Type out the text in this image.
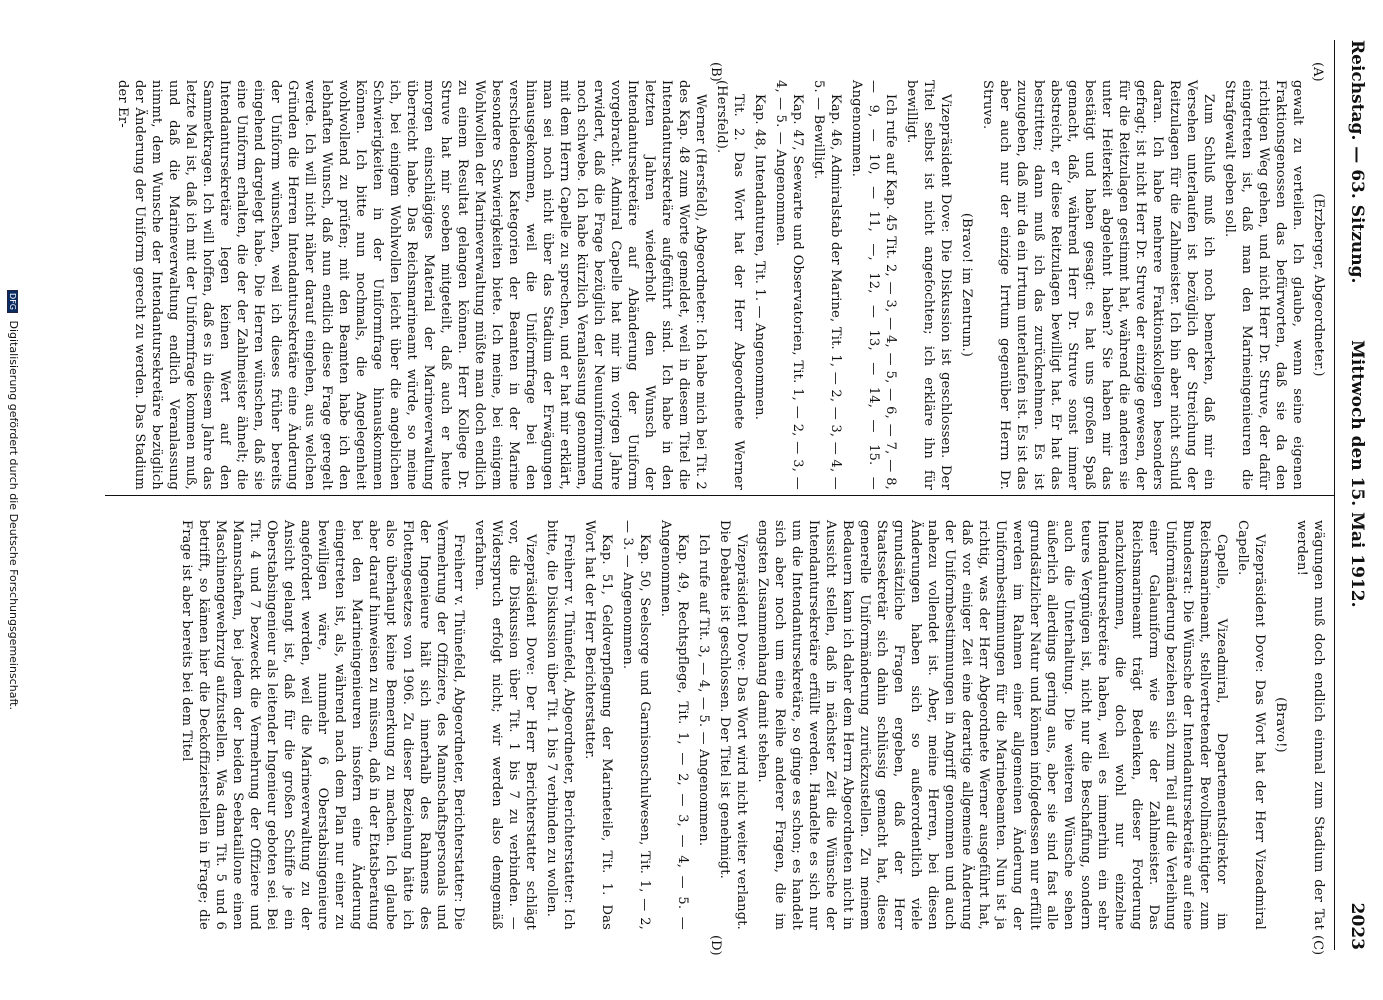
Reichstag. — 63. Sitzung.
Mittwoch den 15. Mai 1912.
2023
(A)
(B)
(C)
(D)

(Erzberger, Abgeordneter.)

gewalt zu verteilen. Ich glaube, wenn seine eigenen Fraktionsgenossen das befürworten, daß sie da den richtigen Weg gehen, und nicht Herr Dr. Struve, der dafür eingetreten ist, daß man den Marineingenieuren die Strafgewalt geben soll.

Zum Schluß muß ich noch bemerken, daß mir ein Versehen unterlaufen ist bezüglich der Streichung der Reitzulagen für die Zahlmeister. Ich bin aber nicht schuld daran. Ich habe mehrere Fraktionskollegen besonders gefragt; ist nicht Herr Dr. Struve der einzige gewesen, der für die Reitzulagen gestimmt hat, während die anderen sie unter Heiterkeit abgelehnt haben? Sie haben mir das bestätigt und haben gesagt: es hat uns großen Spaß gemacht, daß, während Herr Dr. Struve sonst immer abstreicht, er diese Reitzulagen bewilligt hat. Er hat das bestritten; dann muß ich das zurücknehmen. Es ist zuzugeben, daß mir da ein Irrtum unterlaufen ist. Es ist das aber auch nur der einzige Irrtum gegenüber Herrn Dr. Struve.

(Bravo! im Zentrum.)

Vizepräsident Dove: Die Diskussion ist geschlossen. Der Titel selbst ist nicht angefochten; ich erkläre ihn für bewilligt.

Ich rufe auf Kap. 45 Tit. 2, — 3, — 4, — 5, — 6, — 7, — 8, — 9, — 10, — 11, —, 12, — 13, — 14, — 15. — Angenommen.

Kap. 46, Admiralstab der Marine, Tit. 1, — 2, — 3, — 4, — 5. — Bewilligt.

Kap. 47, Seewarte und Observatorien, Tit. 1, — 2, — 3, — 4, — 5. — Angenommen.

Kap. 48, Intendanturen, Tit. 1. — Angenommen.

Tit. 2. Das Wort hat der Herr Abgeordnete Werner (Hersfeld).

Werner (Hersfeld), Abgeordneter: Ich habe mich bei Tit. 2 des Kap. 48 zum Worte gemeldet, weil in diesem Titel die Intendantursekretäre aufgeführt sind. Ich habe in den letzten Jahren wiederholt den Wunsch der Intendantursekretäre auf Abänderung der Uniform vorgebracht. Admiral Capelle hat mir im vorigen Jahre erwidert, daß die Frage bezüglich der Neuuniformierung noch schwebe. Ich habe kürzlich Veranlassung genommen, mit dem Herrn Capelle zu sprechen, und er hat mir erklärt, man sei noch nicht über das Stadium der Erwägungen hinausgekommen, weil die Uniformfrage bei den verschiedenen Kategorien der Beamten in der Marine besondere Schwierigkeiten biete. Ich meine, bei einigem Wohlwollen der Marineverwaltung müßte man doch endlich zu einem Resultat gelangen können. Herr Kollege Dr. Struve hat mir soeben mitgeteilt, daß auch er heute morgen einschlägiges Material der Marineverwaltung überreicht habe. Das Reichsmarineamt würde, so meine ich, bei einigem Wohlwollen leicht über die angeblichen Schwierigkeiten in der Uniformfrage hinauskommen können. Ich bitte nun nochmals, die Angelegenheit wohlwollend zu prüfen; mit den Beamten habe ich den lebhaften Wunsch, daß nun endlich diese Frage geregelt werde. Ich will nicht näher darauf eingehen, aus welchen Gründen die Herren Intendantursekretäre eine Änderung der Uniform wünschen, weil ich dieses früher bereits eingehend dargelegt habe. Die Herren wünschen, daß sie eine Uniform erhalten, die der der Zahlmeister ähnelt; die Intendantursekretäre legen keinen Wert auf den Sammetkragen. Ich will hoffen, daß es in diesem Jahre das letzte Mal ist, daß ich mit der Uniformfrage kommen muß, und daß die Marineverwaltung endlich Veranlassung nimmt, dem Wunsche der Intendantursekretäre bezüglich der Änderung der Uniform gerecht zu werden. Das Stadium der Er-

wägungen muß doch endlich einmal zum Stadium der Tat werden!

(Bravo!)

Vizepräsident Dove: Das Wort hat der Herr Vizeadmiral Capelle.

Capelle, Vizeadmiral, Departementsdirektor im Reichsmarineamt, stellvertretender Bevollmächtigter zum Bundesrat: Die Wünsche der Intendantursekretäre auf eine Uniformänderung beziehen sich zum Teil auf die Verleihung einer Galauniform wie sie der Zahlmeister. Das Reichsmarineamt trägt Bedenken, dieser Forderung nachzukommen, die doch wohl nur einzelne Intendantursekretäre haben, weil es immerhin ein sehr teures Vergnügen ist, nicht nur die Beschaffung, sondern auch die Unterhaltung. Die weiteren Wünsche sehen äußerlich allerdings gering aus, aber sie sind fast alle grundsätzlicher Natur und können infolgedessen nur erfüllt werden im Rahmen einer allgemeinen Änderung der Uniformbestimmungen für die Marinebeamten. Nun ist ja richtig, was der Herr Abgeordnete Werner ausgeführt hat, daß vor einiger Zeit eine derartige allgemeine Änderung der Uniformbestimmungen in Angriff genommen und auch nahezu vollendet ist. Aber, meine Herren, bei diesen Änderungen haben sich so außerordentlich viele grundsätzliche Fragen ergeben, daß der Herr Staatssekretär sich dahin schlüssig gemacht hat, diese generelle Uniformänderung zurückzustellen. Zu meinem Bedauern kann ich daher dem Herrn Abgeordneten nicht in Aussicht stellen, daß in nächster Zeit die Wünsche der Intendantursekretäre erfüllt werden. Handelte es sich nur um die Intendantursekretäre, so ginge es schon; es handelt sich aber noch um eine Reihe anderer Fragen, die im engsten Zusammenhang damit stehen.

Vizepräsident Dove: Das Wort wird nicht weiter verlangt. Die Debatte ist geschlossen. Der Titel ist genehmigt.

Ich rufe auf Tit. 3, — 4, — 5. — Angenommen.

Kap. 49, Rechtspflege, Tit. 1, — 2, — 3, — 4, — 5. — Angenommen.

Kap. 50, Seelsorge und Garnisonschulwesen, Tit. 1, — 2, — 3. — Angenommen.

Kap. 51, Geldverpflegung der Marineteile, Tit. 1. Das Wort hat der Herr Berichterstatter.

Freiherr v. Thünefeld, Abgeordneter, Berichterstatter: Ich bitte, die Diskussion über Tit. 1 bis 7 verbinden zu wollen.

Vizepräsident Dove: Der Herr Berichterstatter schlägt vor, die Diskussion über Tit. 1 bis 7 zu verbinden. — Widerspruch erfolgt nicht; wir werden also demgemäß verfahren.

Freiherr v. Thünefeld, Abgeordneter, Berichterstatter: Die Vermehrung der Offiziere, des Mannschaftspersonals und der Ingenieure hält sich innerhalb des Rahmens des Flottengesetzes von 1906. Zu dieser Beziehung hätte ich also überhaupt keine Bemerkung zu machen. Ich glaube aber darauf hinweisen zu müssen, daß in der Etatsberatung bei den Marineingenieuren insofern eine Änderung eingetreten ist, als, während nach dem Plan nur einer zu bewilligen wäre, nunmehr 6 Oberstabsingenieure angefordert werden, weil die Marineverwaltung zu der Ansicht gelangt ist, daß für die großen Schiffe je ein Oberstabsingenieur als leitender Ingenieur geboten sei. Bei Tit. 4 und 7 bezweckt die Vermehrung der Offiziere und Mannschaften, bei jedem der beiden Seebataillone einen Maschinengewehrzug aufzustellen. Was dann Tit. 5 und 6 betrifft, so kämen hier die Deckoffizierstellen in Frage; die Frage ist aber bereits bei dem Titel

DFG Digitalisierung gefördert durch die Deutsche Forschungsgemeinschaft.
